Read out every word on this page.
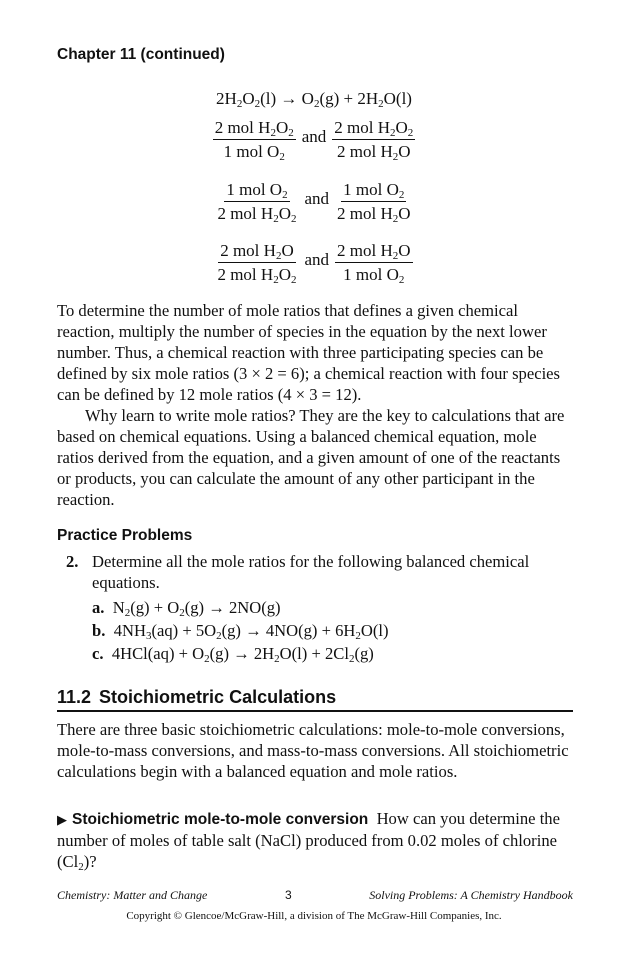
Chapter 11 (continued)
$2H_2O_2(l) \to O_2(g) + 2H_2O(l)$
$\frac{2 mol H_2O_2}{1 mol O_2}$ and $\frac{2 mol H_2O_2}{2 mol H_2O}$
$\frac{1 mol O_2}{2 mol H_2O_2}$ and $\frac{1 mol O_2}{2 mol H_2O}$
$\frac{2 mol H_2O}{2 mol H_2O_2}$ and $\frac{2 mol H_2O}{1 mol O_2}$
To determine the number of mole ratios that defines a given chemical reaction, multiply the number of species in the equation by the next lower number. Thus, a chemical reaction with three participating species can be defined by six mole ratios (3 × 2 = 6); a chemical reaction with four species can be defined by 12 mole ratios (4 × 3 = 12).
Why learn to write mole ratios? They are the key to calculations that are based on chemical equations. Using a balanced chemical equation, mole ratios derived from the equation, and a given amount of one of the reactants or products, you can calculate the amount of any other participant in the reaction.
Practice Problems
2. Determine all the mole ratios for the following balanced chemical equations.
a. $N_2(g) + O_2(g) \to 2NO(g)$
b. $4NH_3(aq) + 5O_2(g) \to 4NO(g) + 6H_2O(l)$
c. $4HCl(aq) + O_2(g) \to 2H_2O(l) + 2Cl_2(g)$
11.2 Stoichiometric Calculations
There are three basic stoichiometric calculations: mole-to-mole conversions, mole-to-mass conversions, and mass-to-mass conversions. All stoichiometric calculations begin with a balanced equation and mole ratios.
▶ Stoichiometric mole-to-mole conversion How can you determine the number of moles of table salt (NaCl) produced from 0.02 moles of chlorine $(Cl_2)$?
Chemistry: Matter and Change	3	Solving Problems: A Chemistry Handbook
Copyright © Glencoe/McGraw-Hill, a division of The McGraw-Hill Companies, Inc.
